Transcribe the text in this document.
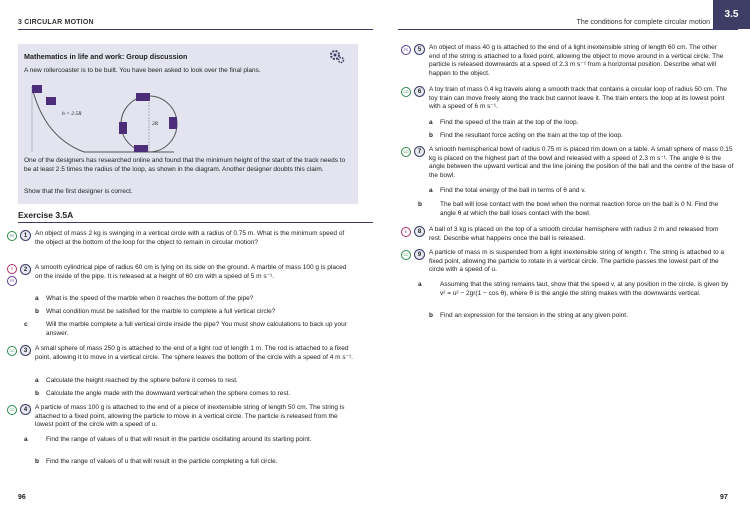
3 CIRCULAR MOTION	The conditions for complete circular motion
3.5
Mathematics in life and work: Group discussion
A new rollercoaster is to be built. You have been asked to look over the final plans.
h = 2.5R
2R
One of the designers has researched online and found that the minimum height of the start of the track needs to be at least 2.5 times the radius of the loop, as shown in the diagram. Another designer doubts this claim.
Show that the first designer is correct.
Exercise 3.5A
PC	1	An object of mass 2 kg is swinging in a vertical circle with a radius of 0.75 m. What is the minimum speed of the object at the bottom of the loop for the object to remain in circular motion?
E
PS
2	A smooth cylindrical pipe of radius 60 cm is lying on its side on the ground. A marble of mass 100 g is placed on the inside of the pipe. It is released at a height of 60 cm with a speed of 5 m s⁻¹.
a What is the speed of the marble when it reaches the bottom of the pipe?
b What condition must be satisfied for the marble to complete a full vertical circle?
c	Will the marble complete a full vertical circle inside the pipe? You must show calculations to back up your answer.
CC	3	A small sphere of mass 250 g is attached to the end of a light rod of length 1 m. The rod is attached to a fixed point, allowing it to move in a vertical circle. The sphere leaves the bottom of the circle with a speed of 4 m s⁻¹.
a Calculate the height reached by the sphere before it comes to rest.
b Calculate the angle made with the downward vertical when the sphere comes to rest.
CC	4	A particle of mass 100 g is attached to the end of a piece of inextensible string of length 50 cm. The string is attached to a fixed point, allowing the particle to move in a vertical circle. The particle is released from the lowest point of the circle with a speed of u.
a	Find the range of values of u that will result in the particle oscillating around its starting point.
b Find the range of values of u that will result in the particle completing a full circle.
PS	5	An object of mass 40 g is attached to the end of a light inextensible string of length 60 cm. The other end of the string is attached to a fixed point, allowing the object to move around in a vertical circle. The particle is released downwards at a speed of 2.3 m s⁻¹ from a horizontal position. Describe what will happen to the object.
CC	6	A toy train of mass 0.4 kg travels along a smooth track that contains a circular loop of radius 50 cm. The toy train can move freely along the track but cannot leave it. The train enters the loop at its lowest point with a speed of 6 m s⁻¹.
a Find the speed of the train at the top of the loop.
b Find the resultant force acting on the train at the top of the loop.
CC	7	A smooth hemispherical bowl of radius 0.75 m is placed rim down on a table. A small sphere of mass 0.15 kg is placed on the highest part of the bowl and released with a speed of 2.3 m s⁻¹. The angle θ is the angle between the upward vertical and the line joining the position of the ball and the centre of the base of the bowl.
a Find the total energy of the ball in terms of θ and v.
b	The ball will lose contact with the bowl when the normal reaction force on the ball is 0 N. Find the angle θ at which the ball loses contact with the bowl.
E	8	A ball of 3 kg is placed on the top of a smooth circular hemisphere with radius 2 m and released from rest. Describe what happens once the ball is released.
CC	9	A particle of mass m is suspended from a light inextensible string of length r. The string is attached to a fixed point, allowing the particle to rotate in a vertical circle. The particle passes the lowest part of the circle with a speed of u.
a	Assuming that the string remains taut, show that the speed v, at any position in the circle, is given by v² = u² − 2gr(1 − cos θ), where θ is the angle the string makes with the downwards vertical.
b Find an expression for the tension in the string at any given point.
96	97
